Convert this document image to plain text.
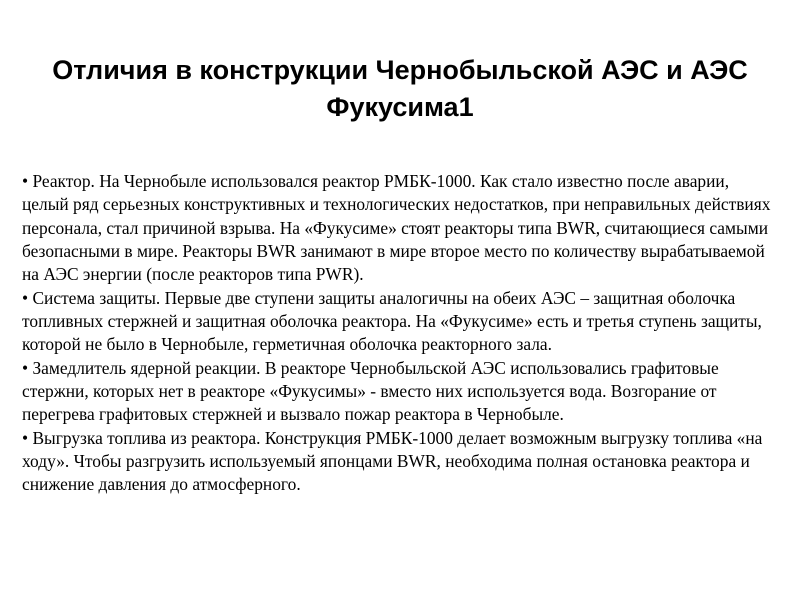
Отличия в конструкции Чернобыльской АЭС и АЭС Фукусима1

• Реактор. На Чернобыле использовался реактор РМБК-1000. Как стало известно после аварии, целый ряд серьезных конструктивных и технологических недостатков, при неправильных действиях персонала, стал причиной взрыва. На «Фукусиме» стоят реакторы типа BWR, считающиеся самыми безопасными в мире. Реакторы BWR занимают в мире второе место по количеству вырабатываемой на АЭС энергии (после реакторов типа PWR).

• Система защиты. Первые две ступени защиты аналогичны на обеих АЭС – защитная оболочка топливных стержней и защитная оболочка реактора. На «Фукусиме» есть и третья ступень защиты, которой не было в Чернобыле, герметичная оболочка реакторного зала.

• Замедлитель ядерной реакции. В реакторе Чернобыльской АЭС использовались графитовые стержни, которых нет в реакторе «Фукусимы» - вместо них используется вода. Возгорание от перегрева графитовых стержней и вызвало пожар реактора в Чернобыле.

• Выгрузка топлива из реактора. Конструкция РМБК-1000 делает возможным выгрузку топлива «на ходу». Чтобы разгрузить используемый японцами BWR, необходима полная остановка реактора и снижение давления до атмосферного.
